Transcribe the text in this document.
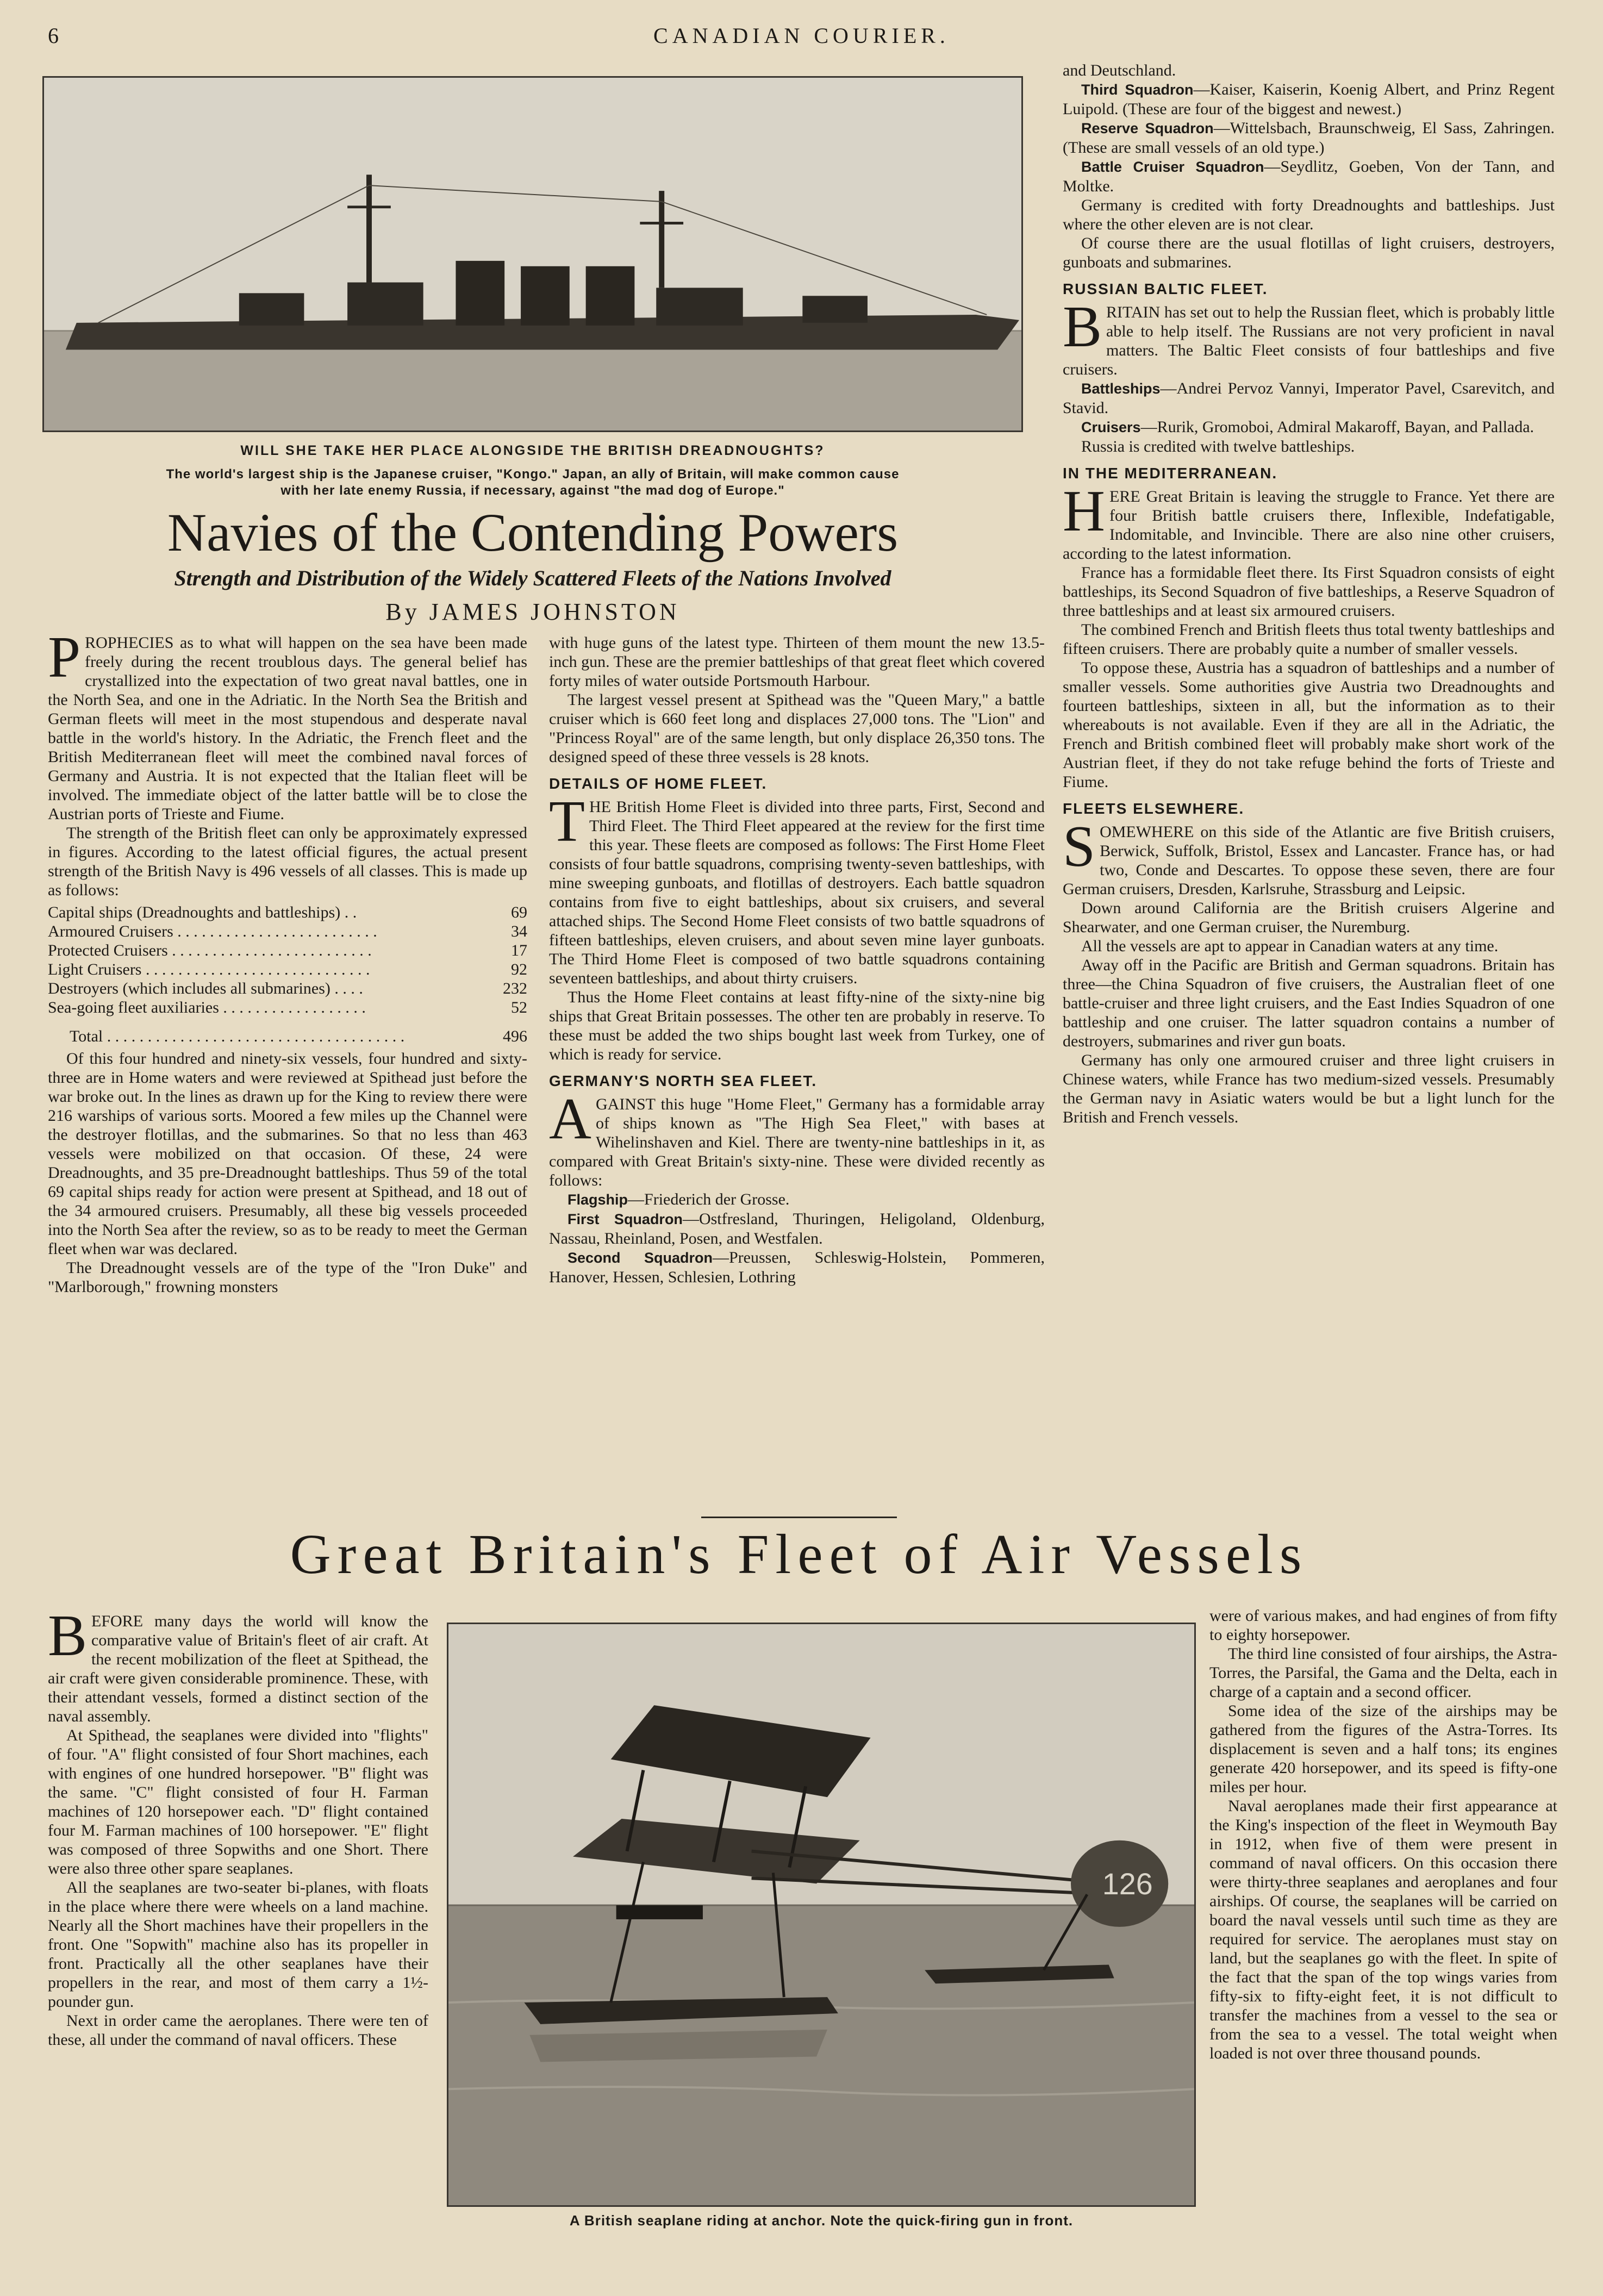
6	CANADIAN COURIER.
WILL SHE TAKE HER PLACE ALONGSIDE THE BRITISH DREADNOUGHTS?
The world's largest ship is the Japanese cruiser, "Kongo." Japan, an ally of Britain, will make common cause
with her late enemy Russia, if necessary, against "the mad dog of Europe."
Navies of the Contending Powers
Strength and Distribution of the Widely Scattered Fleets of the Nations Involved
By JAMES JOHNSTON

PROPHECIES as to what will happen on the sea have been made freely during the recent troublous days. The general belief has crystallized into the expectation of two great naval battles, one in the North Sea, and one in the Adriatic. In the North Sea the British and German fleets will meet in the most stupendous and desperate naval battle in the world's history. In the Adriatic, the French fleet and the British Mediterranean fleet will meet the combined naval forces of Germany and Austria. It is not expected that the Italian fleet will be involved. The immediate object of the latter battle will be to close the Austrian ports of Trieste and Fiume.

The strength of the British fleet can only be approximately expressed in figures. According to the latest official figures, the actual present strength of the British Navy is 496 vessels of all classes. This is made up as follows:

Capital ships (Dreadnoughts and battleships) . .	69
Armoured Cruisers . . . . . . . . . . . . . . . . . . . . . . . . .	34
Protected Cruisers . . . . . . . . . . . . . . . . . . . . . . . . .	17
Light Cruisers . . . . . . . . . . . . . . . . . . . . . . . . . . . .	92
Destroyers (which includes all submarines) . . . .	232
Sea-going fleet auxiliaries . . . . . . . . . . . . . . . . . .	52

Total . . . . . . . . . . . . . . . . . . . . . . . . . . . . . . . . . . . . .	496

Of this four hundred and ninety-six vessels, four hundred and sixty-three are in Home waters and were reviewed at Spithead just before the war broke out. In the lines as drawn up for the King to review there were 216 warships of various sorts. Moored a few miles up the Channel were the destroyer flotillas, and the submarines. So that no less than 463 vessels were mobilized on that occasion. Of these, 24 were Dreadnoughts, and 35 pre-Dreadnought battleships. Thus 59 of the total 69 capital ships ready for action were present at Spithead, and 18 out of the 34 armoured cruisers. Presumably, all these big vessels proceeded into the North Sea after the review, so as to be ready to meet the German fleet when war was declared.

The Dreadnought vessels are of the type of the "Iron Duke" and "Marlborough," frowning monsters

with huge guns of the latest type. Thirteen of them mount the new 13.5-inch gun. These are the premier battleships of that great fleet which covered forty miles of water outside Portsmouth Harbour.

The largest vessel present at Spithead was the "Queen Mary," a battle cruiser which is 660 feet long and displaces 27,000 tons. The "Lion" and "Princess Royal" are of the same length, but only displace 26,350 tons. The designed speed of these three vessels is 28 knots.

DETAILS OF HOME FLEET.

THE British Home Fleet is divided into three parts, First, Second and Third Fleet. The Third Fleet appeared at the review for the first time this year. These fleets are composed as follows: The First Home Fleet consists of four battle squadrons, comprising twenty-seven battleships, with mine sweeping gunboats, and flotillas of destroyers. Each battle squadron contains from five to eight battleships, about six cruisers, and several attached ships. The Second Home Fleet consists of two battle squadrons of fifteen battleships, eleven cruisers, and about seven mine layer gunboats. The Third Home Fleet is composed of two battle squadrons containing seventeen battleships, and about thirty cruisers.

Thus the Home Fleet contains at least fifty-nine of the sixty-nine big ships that Great Britain possesses. The other ten are probably in reserve. To these must be added the two ships bought last week from Turkey, one of which is ready for service.

GERMANY'S NORTH SEA FLEET.

AGAINST this huge "Home Fleet," Germany has a formidable array of ships known as "The High Sea Fleet," with bases at Wihelinshaven and Kiel. There are twenty-nine battleships in it, as compared with Great Britain's sixty-nine. These were divided recently as follows:

Flagship—Friederich der Grosse.

First Squadron—Ostfresland, Thuringen, Heligoland, Oldenburg, Nassau, Rheinland, Posen, and Westfalen.

Second Squadron—Preussen, Schleswig-Holstein, Pommeren, Hanover, Hessen, Schlesien, Lothring

and Deutschland.

Third Squadron—Kaiser, Kaiserin, Koenig Albert, and Prinz Regent Luipold. (These are four of the biggest and newest.)

Reserve Squadron—Wittelsbach, Braunschweig, El Sass, Zahringen. (These are small vessels of an old type.)

Battle Cruiser Squadron—Seydlitz, Goeben, Von der Tann, and Moltke.

Germany is credited with forty Dreadnoughts and battleships. Just where the other eleven are is not clear.

Of course there are the usual flotillas of light cruisers, destroyers, gunboats and submarines.

RUSSIAN BALTIC FLEET.

BRITAIN has set out to help the Russian fleet, which is probably little able to help itself. The Russians are not very proficient in naval matters. The Baltic Fleet consists of four battleships and five cruisers.

Battleships—Andrei Pervoz Vannyi, Imperator Pavel, Csarevitch, and Stavid.

Cruisers—Rurik, Gromoboi, Admiral Makaroff, Bayan, and Pallada.

Russia is credited with twelve battleships.

IN THE MEDITERRANEAN.

HERE Great Britain is leaving the struggle to France. Yet there are four British battle cruisers there, Inflexible, Indefatigable, Indomitable, and Invincible. There are also nine other cruisers, according to the latest information.

France has a formidable fleet there. Its First Squadron consists of eight battleships, its Second Squadron of five battleships, a Reserve Squadron of three battleships and at least six armoured cruisers.

The combined French and British fleets thus total twenty battleships and fifteen cruisers. There are probably quite a number of smaller vessels.

To oppose these, Austria has a squadron of battleships and a number of smaller vessels. Some authorities give Austria two Dreadnoughts and fourteen battleships, sixteen in all, but the information as to their whereabouts is not available. Even if they are all in the Adriatic, the French and British combined fleet will probably make short work of the Austrian fleet, if they do not take refuge behind the forts of Trieste and Fiume.

FLEETS ELSEWHERE.

SOMEWHERE on this side of the Atlantic are five British cruisers, Berwick, Suffolk, Bristol, Essex and Lancaster. France has, or had two, Conde and Descartes. To oppose these seven, there are four German cruisers, Dresden, Karlsruhe, Strassburg and Leipsic.

Down around California are the British cruisers Algerine and Shearwater, and one German cruiser, the Nuremburg.

All the vessels are apt to appear in Canadian waters at any time.

Away off in the Pacific are British and German squadrons. Britain has three—the China Squadron of five cruisers, the Australian fleet of one battle-cruiser and three light cruisers, and the East Indies Squadron of one battleship and one cruiser. The latter squadron contains a number of destroyers, submarines and river gun boats.

Germany has only one armoured cruiser and three light cruisers in Chinese waters, while France has two medium-sized vessels. Presumably the German navy in Asiatic waters would be but a light lunch for the British and French vessels.

Great Britain's Fleet of Air Vessels

BEFORE many days the world will know the comparative value of Britain's fleet of air craft. At the recent mobilization of the fleet at Spithead, the air craft were given considerable prominence. These, with their attendant vessels, formed a distinct section of the naval assembly.

At Spithead, the seaplanes were divided into "flights" of four. "A" flight consisted of four Short machines, each with engines of one hundred horsepower. "B" flight was the same. "C" flight consisted of four H. Farman machines of 120 horsepower each. "D" flight contained four M. Farman machines of 100 horsepower. "E" flight was composed of three Sopwiths and one Short. There were also three other spare seaplanes.

All the seaplanes are two-seater bi-planes, with floats in the place where there were wheels on a land machine. Nearly all the Short machines have their propellers in the front. One "Sopwith" machine also has its propeller in front. Practically all the other seaplanes have their propellers in the rear, and most of them carry a 1½-pounder gun.

Next in order came the aeroplanes. There were ten of these, all under the command of naval officers. These

126
A British seaplane riding at anchor. Note the quick-firing gun in front.

were of various makes, and had engines of from fifty to eighty horsepower.

The third line consisted of four airships, the Astra-Torres, the Parsifal, the Gama and the Delta, each in charge of a captain and a second officer.

Some idea of the size of the airships may be gathered from the figures of the Astra-Torres. Its displacement is seven and a half tons; its engines generate 420 horsepower, and its speed is fifty-one miles per hour.

Naval aeroplanes made their first appearance at the King's inspection of the fleet in Weymouth Bay in 1912, when five of them were present in command of naval officers. On this occasion there were thirty-three seaplanes and aeroplanes and four airships. Of course, the seaplanes will be carried on board the naval vessels until such time as they are required for service. The aeroplanes must stay on land, but the seaplanes go with the fleet. In spite of the fact that the span of the top wings varies from fifty-six to fifty-eight feet, it is not difficult to transfer the machines from a vessel to the sea or from the sea to a vessel. The total weight when loaded is not over three thousand pounds.
